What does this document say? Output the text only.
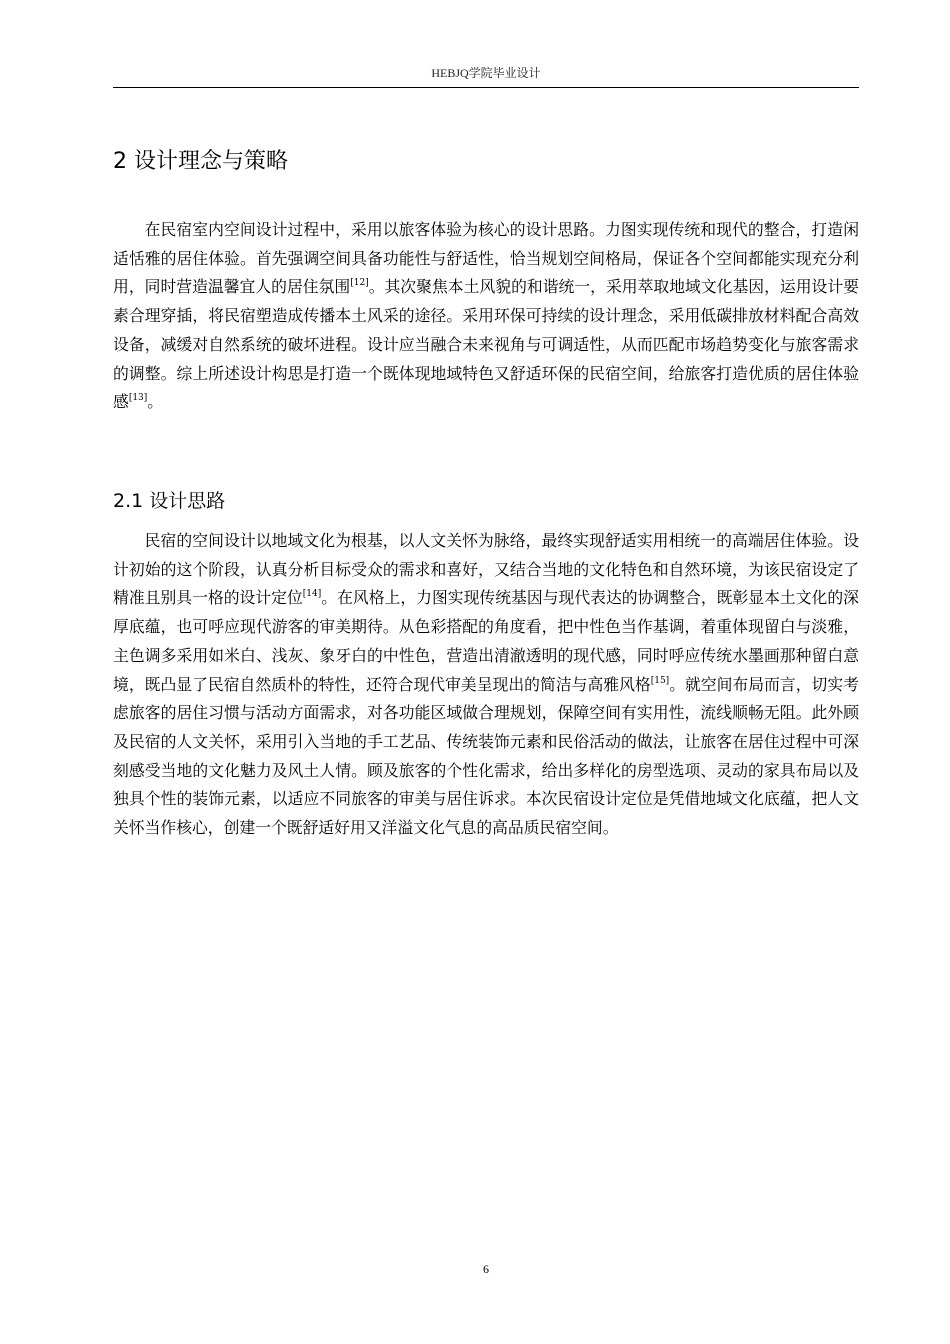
HEBJQ学院毕业设计
2 设计理念与策略

在民宿室内空间设计过程中，采用以旅客体验为核心的设计思路。力图实现传统和现代的整合，打造闲适恬雅的居住体验。首先强调空间具备功能性与舒适性，恰当规划空间格局，保证各个空间都能实现充分利用，同时营造温馨宜人的居住氛围[12]。其次聚焦本土风貌的和谐统一，采用萃取地域文化基因，运用设计要素合理穿插，将民宿塑造成传播本土风采的途径。采用环保可持续的设计理念，采用低碳排放材料配合高效设备，减缓对自然系统的破坏进程。设计应当融合未来视角与可调适性，从而匹配市场趋势变化与旅客需求的调整。综上所述设计构思是打造一个既体现地域特色又舒适环保的民宿空间，给旅客打造优质的居住体验感[13]。

2.1 设计思路

民宿的空间设计以地域文化为根基，以人文关怀为脉络，最终实现舒适实用相统一的高端居住体验。设计初始的这个阶段，认真分析目标受众的需求和喜好，又结合当地的文化特色和自然环境，为该民宿设定了精准且别具一格的设计定位[14]。在风格上，力图实现传统基因与现代表达的协调整合，既彰显本土文化的深厚底蕴，也可呼应现代游客的审美期待。从色彩搭配的角度看，把中性色当作基调，着重体现留白与淡雅，主色调多采用如米白、浅灰、象牙白的中性色，营造出清澈透明的现代感，同时呼应传统水墨画那种留白意境，既凸显了民宿自然质朴的特性，还符合现代审美呈现出的简洁与高雅风格[15]。就空间布局而言，切实考虑旅客的居住习惯与活动方面需求，对各功能区域做合理规划，保障空间有实用性，流线顺畅无阻。此外顾及民宿的人文关怀，采用引入当地的手工艺品、传统装饰元素和民俗活动的做法，让旅客在居住过程中可深刻感受当地的文化魅力及风土人情。顾及旅客的个性化需求，给出多样化的房型选项、灵动的家具布局以及独具个性的装饰元素，以适应不同旅客的审美与居住诉求。本次民宿设计定位是凭借地域文化底蕴，把人文关怀当作核心，创建一个既舒适好用又洋溢文化气息的高品质民宿空间。

6
